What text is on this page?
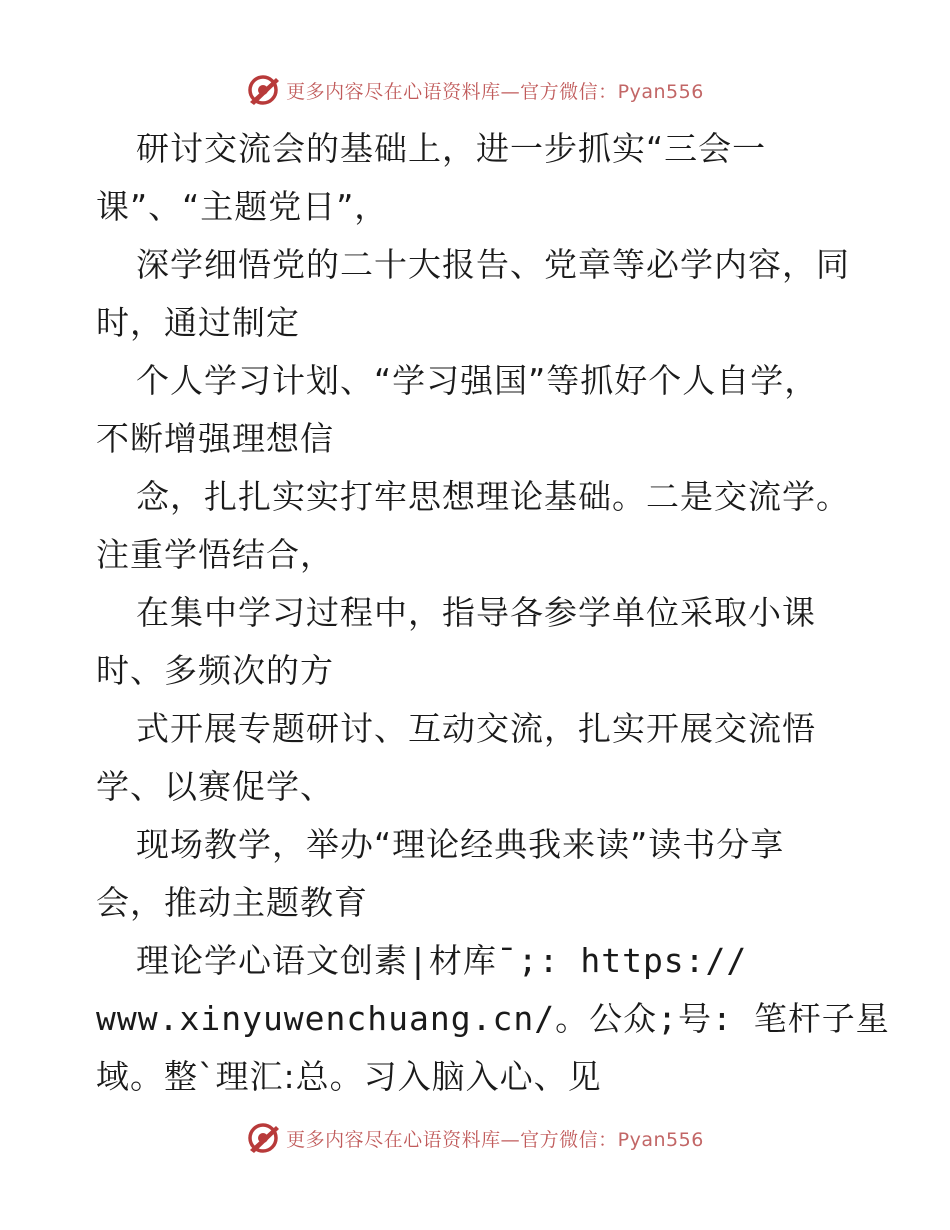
更多内容尽在心语资料库—官方微信：Pyan556
研讨交流会的基础上，进一步抓实“三会一
课”、“主题党日”，
深学细悟党的二十大报告、党章等必学内容，同
时，通过制定
个人学习计划、“学习强国”等抓好个人自学，
不断增强理想信
念，扎扎实实打牢思想理论基础。二是交流学。
注重学悟结合，
在集中学习过程中，指导各参学单位采取小课
时、多频次的方
式开展专题研讨、互动交流，扎实开展交流悟
学、以赛促学、
现场教学，举办“理论经典我来读”读书分享
会，推动主题教育
理论学心语文创素|材库¯;: https://
www.xinyuwenchuang.cn/。公众;号: 笔杆子星
域。整`理汇:总。习入脑入心、见
更多内容尽在心语资料库—官方微信：Pyan556
